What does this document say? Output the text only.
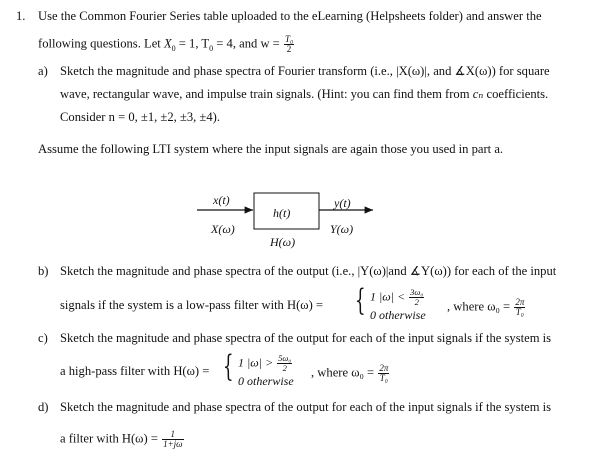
1. Use the Common Fourier Series table uploaded to the eLearning (Helpsheets folder) and answer the
following questions. Let $X_0 = 1$, $T_0 = 4$, and $w = \frac{\text{T₀}}{2}$
a) Sketch the magnitude and phase spectra of Fourier transform (i.e., |X(ω)|, and ∡X(ω)) for square
wave, rectangular wave, and impulse train signals. (Hint: you can find them from cₙ coefficients.
Consider n = 0, ±1, ±2, ±3, ±4).
Assume the following LTI system where the input signals are again those you used in part a.
x(t)
X(ω)
h(t)
H(ω)
y(t)
Y(ω)
b) Sketch the magnitude and phase spectra of the output (i.e., |Y(ω)|and ∡Y(ω)) for each of the input
signals if the system is a low-pass filter with H(ω) = { 1 $|\omega| < \frac{\text{3ω₀}}{2}$
0 otherwise
, where $\omega_0 = \frac{2\pi}{\text{T₀}}$
c) Sketch the magnitude and phase spectra of the output for each of the input signals if the system is
a high-pass filter with H(ω) = { 1 $|\omega| > \frac{\text{5ω₀}}{2}$
0 otherwise
, where $\omega_0 = \frac{2\pi}{\text{T₀}}$
d) Sketch the magnitude and phase spectra of the output for each of the input signals if the system is
a filter with $H(\omega) = \frac{1}{1+j\omega}$
